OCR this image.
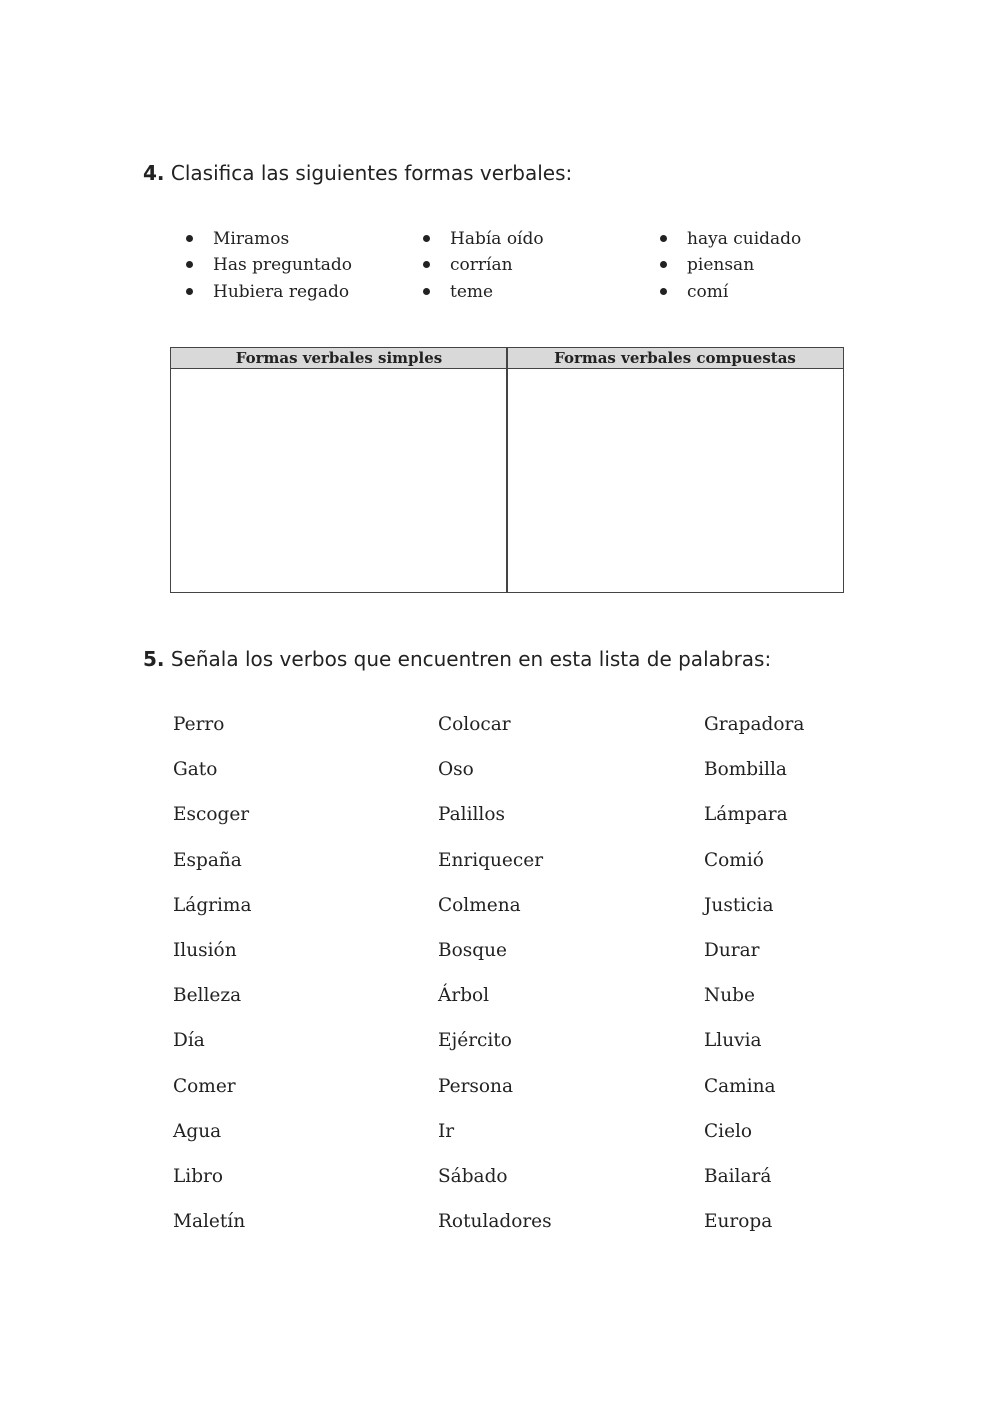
4. Clasifica las siguientes formas verbales:
Miramos
Has preguntado
Hubiera regado
Había oído
corrían
teme
haya cuidado
piensan
comí
Formas verbales simples	Formas verbales compuestas
5. Señala los verbos que encuentren en esta lista de palabras:
Perro
Gato
Escoger
España
Lágrima
Ilusión
Belleza
Día
Comer
Agua
Libro
Maletín
Colocar
Oso
Palillos
Enriquecer
Colmena
Bosque
Árbol
Ejército
Persona
Ir
Sábado
Rotuladores
Grapadora
Bombilla
Lámpara
Comió
Justicia
Durar
Nube
Lluvia
Camina
Cielo
Bailará
Europa
